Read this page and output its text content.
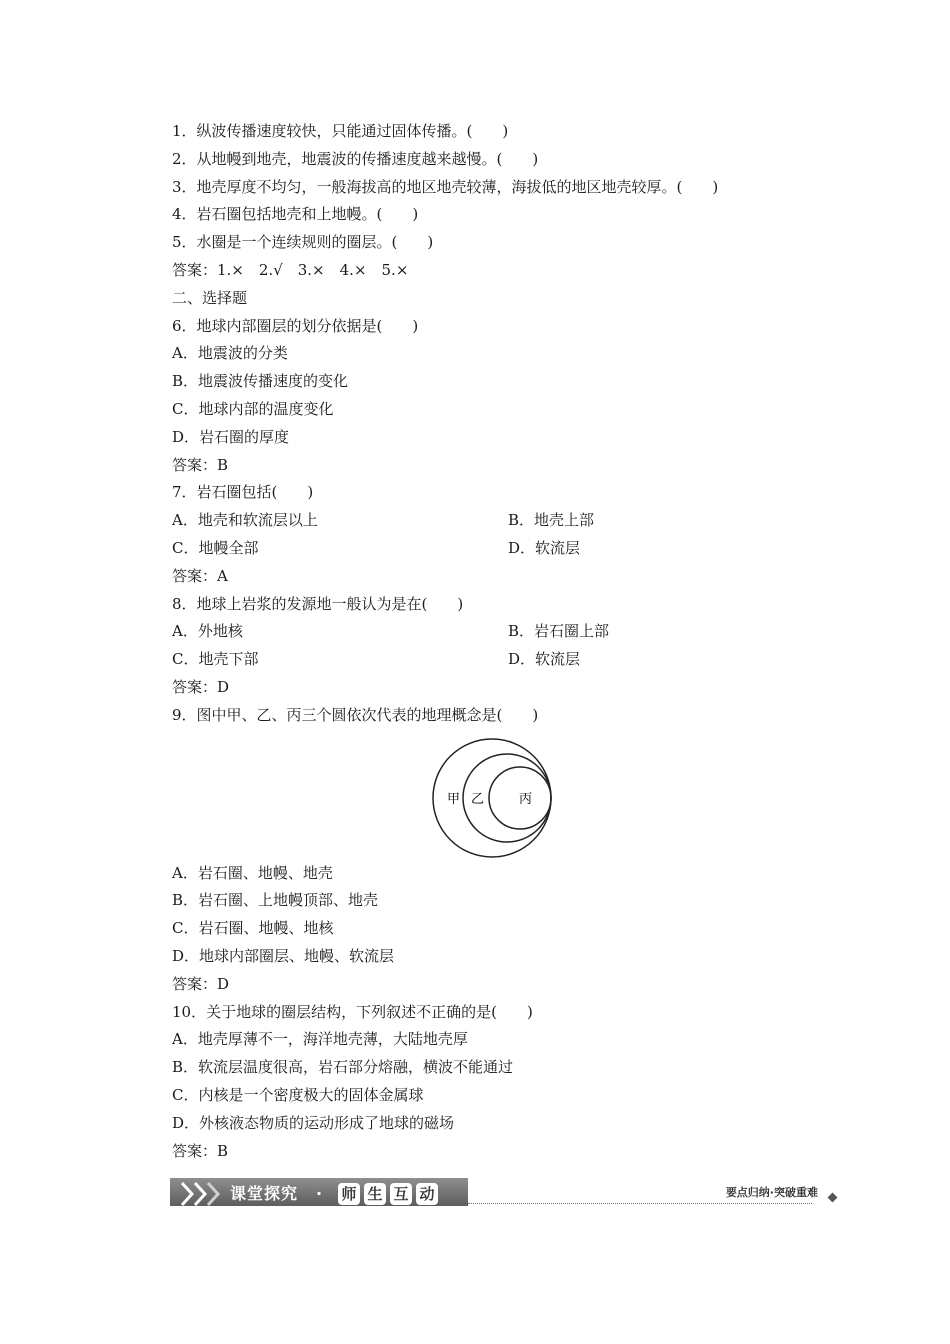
1．纵波传播速度较快，只能通过固体传播。(　　)
2．从地幔到地壳，地震波的传播速度越来越慢。(　　)
3．地壳厚度不均匀，一般海拔高的地区地壳较薄，海拔低的地区地壳较厚。(　　)
4．岩石圈包括地壳和上地幔。(　　)
5．水圈是一个连续规则的圈层。(　　)
答案：1.×　2.√　3.×　4.×　5.×
二、选择题
6．地球内部圈层的划分依据是(　　)
A．地震波的分类
B．地震波传播速度的变化
C．地球内部的温度变化
D．岩石圈的厚度
答案：B
7．岩石圈包括(　　)
A．地壳和软流层以上	B．地壳上部
C．地幔全部	D．软流层
答案：A
8．地球上岩浆的发源地一般认为是在(　　)
A．外地核	B．岩石圈上部
C．地壳下部	D．软流层
答案：D
9．图中甲、乙、丙三个圆依次代表的地理概念是(　　)
A．岩石圈、地幔、地壳
B．岩石圈、上地幔顶部、地壳
C．岩石圈、地幔、地核
D．地球内部圈层、地幔、软流层
答案：D
10．关于地球的圈层结构，下列叙述不正确的是(　　)
A．地壳厚薄不一，海洋地壳薄，大陆地壳厚
B．软流层温度很高，岩石部分熔融，横波不能通过
C．内核是一个密度极大的固体金属球
D．外核液态物质的运动形成了地球的磁场
答案：B
甲 乙	丙
课堂探究 · 师 生 互 动	要点归纳·突破重难
